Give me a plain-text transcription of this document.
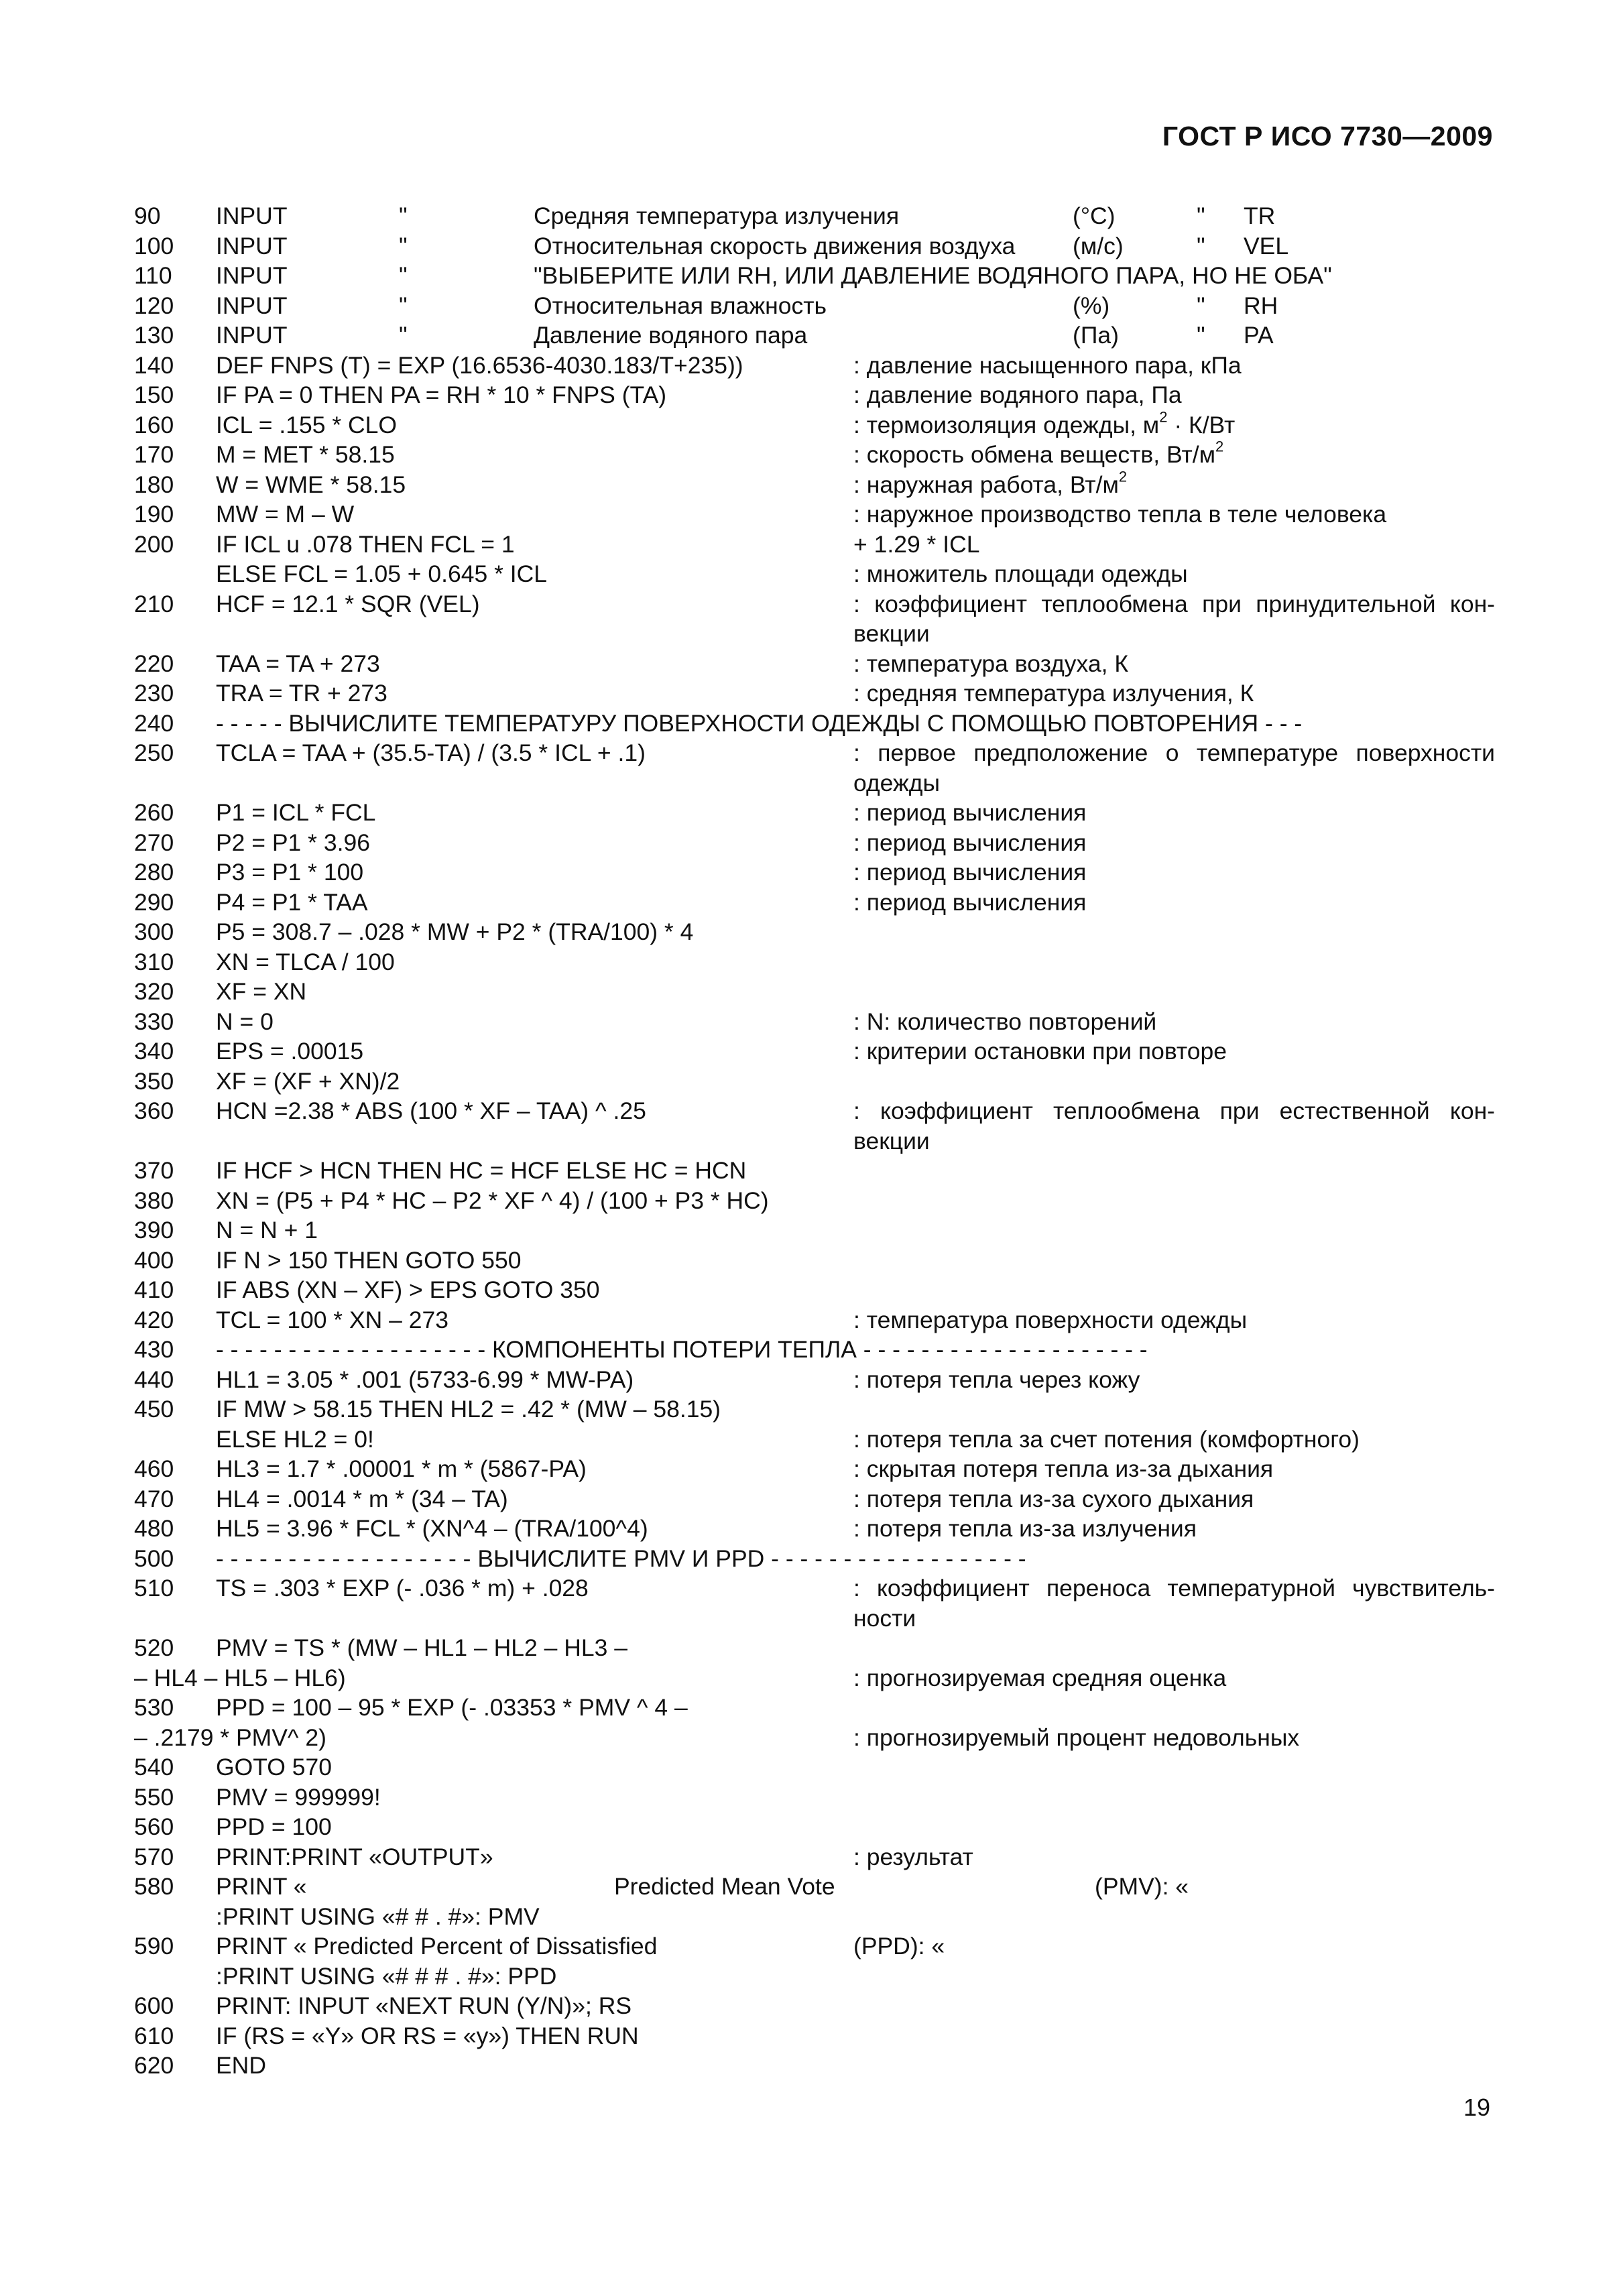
ГОСТ Р ИСО 7730—2009
90 INPUT	"	Средняя температура излучения	(°C)	" TR
100 INPUT	"	Относительная скорость движения воздуха (м/с)	" VEL
110 INPUT	"	"ВЫБЕРИТЕ ИЛИ RH, ИЛИ ДАВЛЕНИЕ ВОДЯНОГО ПАРА, НО НЕ ОБА"
120 INPUT	"	Относительная влажность	(%)	" RH
130 INPUT	"	Давление водяного пара	(Па)	" PA
140 DEF FNPS (T) = EXP (16.6536-4030.183/T+235))	: давление насыщенного пара, кПа
150 IF PA = 0 THEN PA = RH * 10 * FNPS (TA)	: давление водяного пара, Па
160 ICL = .155 * CLO	: термоизоляция одежды, $м^2 \cdot К/Вт$
170 M = MET * 58.15	: скорость обмена веществ, $Вт/м^2$
180 W = WME * 58.15	: наружная работа, $Вт/м^2$
190 MW = M – W	: наружное производство тепла в теле человека
200 IF ICL u .078 THEN FCL = 1	+ 1.29 * ICL
ELSE FCL = 1.05 + 0.645 * ICL	: множитель площади одежды
210 HCF = 12.1 * SQR (VEL)	: коэффициент теплообмена при принудительной кон-
векции
220 TAA = TA + 273	: температура воздуха, К
230 TRA = TR + 273	: средняя температура излучения, К
240 - - - - - ВЫЧИСЛИТЕ ТЕМПЕРАТУРУ ПОВЕРХНОСТИ ОДЕЖДЫ С ПОМОЩЬЮ ПОВТОРЕНИЯ - - -
250 TCLA = TAA + (35.5-TA) / (3.5 * ICL + .1)	: первое предположение о температуре поверхности
одежды
260 P1 = ICL * FCL	: период вычисления
270 P2 = P1 * 3.96	: период вычисления
280 P3 = P1 * 100	: период вычисления
290 P4 = P1 * TAA	: период вычисления
300 P5 = 308.7 – .028 * MW + P2 * (TRA/100) * 4
310 XN = TLCA / 100
320 XF = XN
330 N = 0	: N: количество повторений
340 EPS = .00015	: критерии остановки при повторе
350 XF = (XF + XN)/2
360 HCN =2.38 * ABS (100 * XF – TAA) ^ .25	: коэффициент теплообмена при естественной кон-
векции
370 IF HCF > HCN THEN HC = HCF ELSE HC = HCN
380 XN = (P5 + P4 * HC – P2 * XF ^ 4) / (100 + P3 * HC)
390 N = N + 1
400 IF N > 150 THEN GOTO 550
410 IF ABS (XN – XF) > EPS GOTO 350
420 TCL = 100 * XN – 273	: температура поверхности одежды
430 - - - - - - - - - - - - - - - - - - - КОМПОНЕНТЫ ПОТЕРИ ТЕПЛА - - - - - - - - - - - - - - - - - - - -
440 HL1 = 3.05 * .001 (5733-6.99 * MW-PA)	: потеря тепла через кожу
450 IF MW > 58.15 THEN HL2 = .42 * (MW – 58.15)
ELSE HL2 = 0!	: потеря тепла за счет потения (комфортного)
460 HL3 = 1.7 * .00001 * m * (5867-PA)	: скрытая потеря тепла из-за дыхания
470 HL4 = .0014 * m * (34 – TA)	: потеря тепла из-за сухого дыхания
480 HL5 = 3.96 * FCL * (XN^4 – (TRA/100^4)	: потеря тепла из-за излучения
500 - - - - - - - - - - - - - - - - - - ВЫЧИСЛИТЕ PMV И PPD - - - - - - - - - - - - - - - - - -
510 TS = .303 * EXP (- .036 * m) + .028	: коэффициент переноса температурной чувствитель-
ности
520 PMV = TS * (MW – HL1 – HL2 – HL3 –
– HL4 – HL5 – HL6)	: прогнозируемая средняя оценка
530 PPD = 100 – 95 * EXP (- .03353 * PMV ^ 4 –
– .2179 * PMV^ 2)	: прогнозируемый процент недовольных
540 GOTO 570
550 PMV = 999999!
560 PPD = 100
570 PRINT:PRINT «OUTPUT»	: результат
580 PRINT «	Predicted Mean Vote	(PMV): «
:PRINT USING «# # . #»: PMV
590 PRINT « Predicted Percent of Dissatisfied	(PPD): «
:PRINT USING «# # # . #»: PPD
600 PRINT: INPUT «NEXT RUN (Y/N)»; RS
610 IF (RS = «Y» OR RS = «y») THEN RUN
620 END
19
